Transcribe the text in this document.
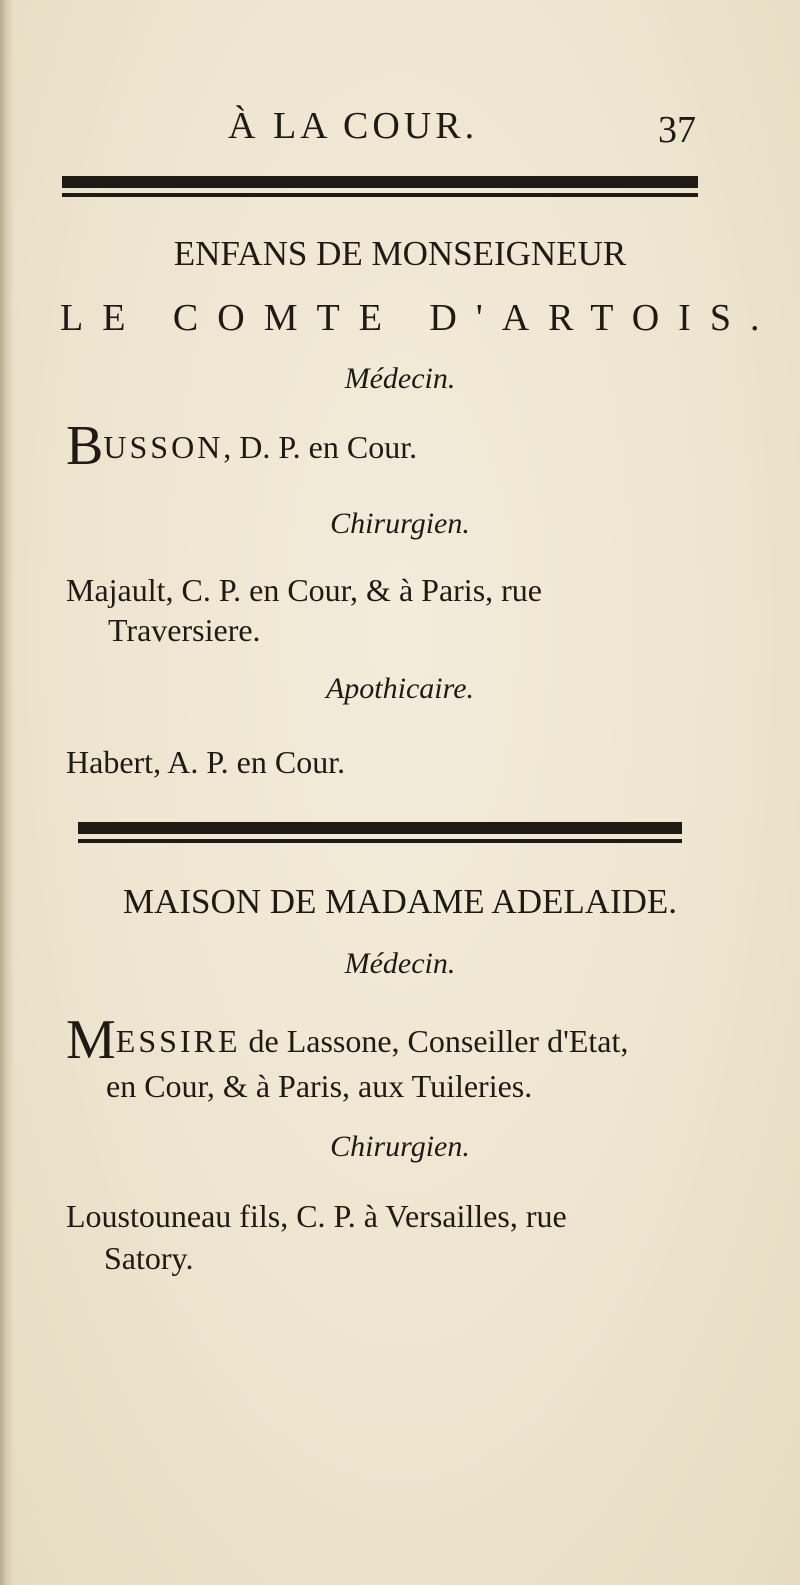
À LA COUR.	37
ENFANS DE MONSEIGNEUR
LE COMTE D'ARTOIS.
Médecin.
BUSSON, D. P. en Cour.
Chirurgien.
Majault, C. P. en Cour, & à Paris, rue
Traversiere.
Apothicaire.
Habert, A. P. en Cour.
MAISON DE MADAME ADELAIDE.
Médecin.
MESSIRE de Lassone, Conseiller d'Etat,
en Cour, & à Paris, aux Tuileries.
Chirurgien.
Loustouneau fils, C. P. à Versailles, rue
Satory.
